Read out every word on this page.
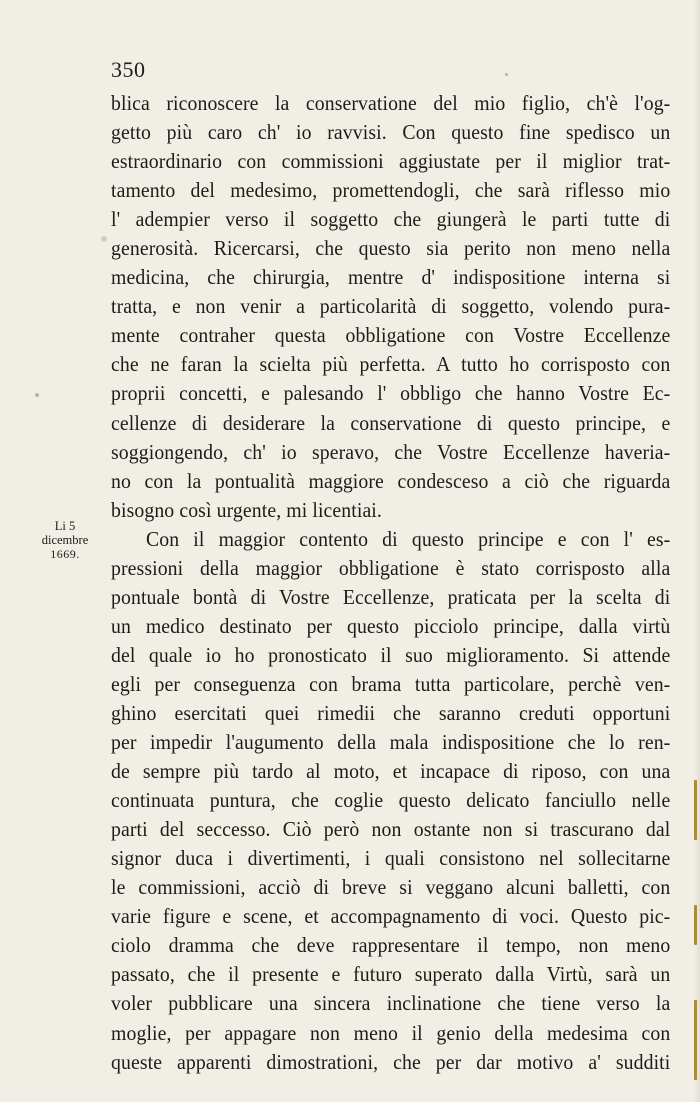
350
Li 5
dicembre
1669.
blica riconoscere la conservatione del mio figlio, ch'è l'og-
getto più caro ch' io ravvisi. Con questo fine spedisco un
estraordinario con commissioni aggiustate per il miglior trat-
tamento del medesimo, promettendogli, che sarà riflesso mio
l' adempier verso il soggetto che giungerà le parti tutte di
generosità. Ricercarsi, che questo sia perito non meno nella
medicina, che chirurgia, mentre d' indispositione interna si
tratta, e non venir a particolarità di soggetto, volendo pura-
mente contraher questa obbligatione con Vostre Eccellenze
che ne faran la scielta più perfetta. A tutto ho corrisposto con
proprii concetti, e palesando l' obbligo che hanno Vostre Ec-
cellenze di desiderare la conservatione di questo principe, e
soggiongendo, ch' io speravo, che Vostre Eccellenze haveria-
no con la pontualità maggiore condesceso a ciò che riguarda
bisogno così urgente, mi licentiai.
Con il maggior contento di questo principe e con l' es-
pressioni della maggior obbligatione è stato corrisposto alla
pontuale bontà di Vostre Eccellenze, praticata per la scelta di
un medico destinato per questo picciolo principe, dalla virtù
del quale io ho pronosticato il suo miglioramento. Si attende
egli per conseguenza con brama tutta particolare, perchè ven-
ghino esercitati quei rimedii che saranno creduti opportuni
per impedir l'augumento della mala indispositione che lo ren-
de sempre più tardo al moto, et incapace di riposo, con una
continuata puntura, che coglie questo delicato fanciullo nelle
parti del seccesso. Ciò però non ostante non si trascurano dal
signor duca i divertimenti, i quali consistono nel sollecitarne
le commissioni, acciò di breve si veggano alcuni balletti, con
varie figure e scene, et accompagnamento di voci. Questo pic-
ciolo dramma che deve rappresentare il tempo, non meno
passato, che il presente e futuro superato dalla Virtù, sarà un
voler pubblicare una sincera inclinatione che tiene verso la
moglie, per appagare non meno il genio della medesima con
queste apparenti dimostrationi, che per dar motivo a' sudditi
